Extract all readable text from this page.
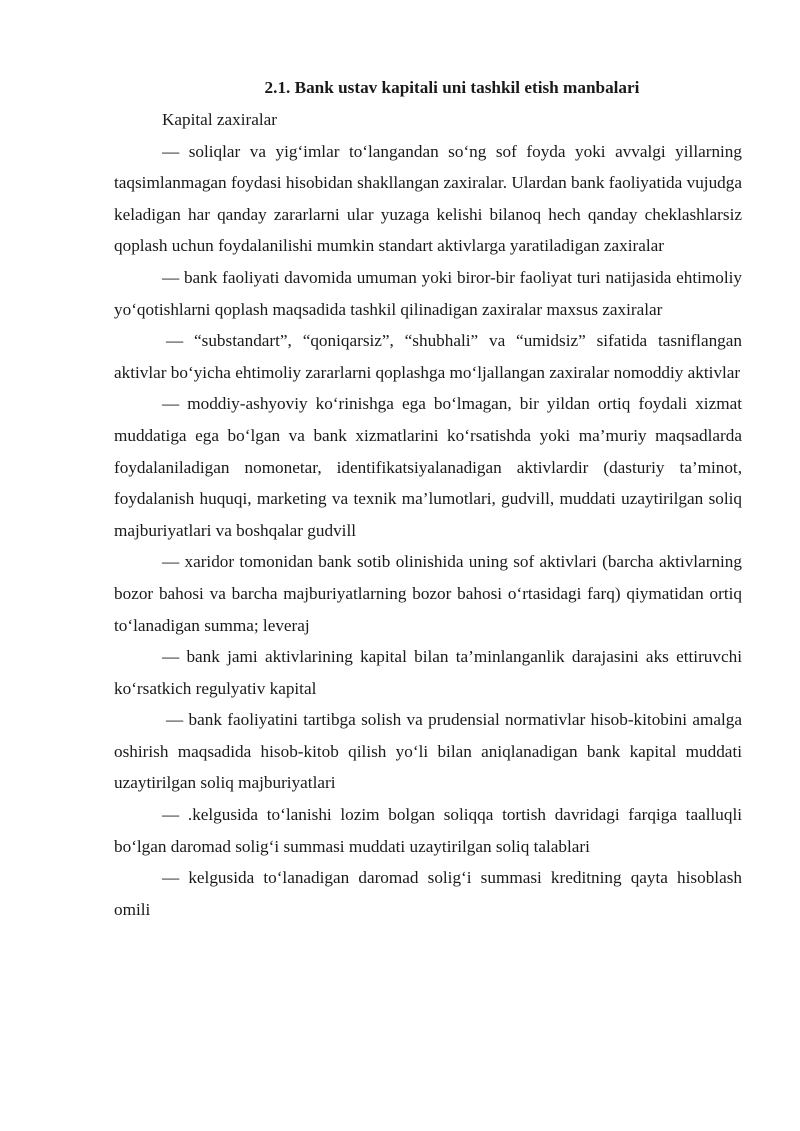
2.1. Bank ustav kapitali uni tashkil etish manbalari

Kapital zaxiralar

— soliqlar va yig‘imlar to‘langandan so‘ng sof foyda yoki avvalgi yillarning taqsimlanmagan foydasi hisobidan shakllangan zaxiralar. Ulardan bank faoliyatida vujudga keladigan har qanday zararlarni ular yuzaga kelishi bilanoq hech qanday cheklashlarsiz qoplash uchun foydalanilishi mumkin standart aktivlarga yaratiladigan zaxiralar

— bank faoliyati davomida umuman yoki biror-bir faoliyat turi natijasida ehtimoliy yo‘qotishlarni qoplash maqsadida tashkil qilinadigan zaxiralar maxsus zaxiralar

— “substandart”, “qoniqarsiz”, “shubhali” va “umidsiz” sifatida tasniflangan aktivlar bo‘yicha ehtimoliy zararlarni qoplashga mo‘ljallangan zaxiralar nomoddiy aktivlar

— moddiy-ashyoviy ko‘rinishga ega bo‘lmagan, bir yildan ortiq foydali xizmat muddatiga ega bo‘lgan va bank xizmatlarini ko‘rsatishda yoki ma’muriy maqsadlarda foydalaniladigan nomonetar, identifikatsiyalanadigan aktivlardir (dasturiy ta’minot, foydalanish huquqi, marketing va texnik ma’lumotlari, gudvill, muddati uzaytirilgan soliq majburiyatlari va boshqalar gudvill

— xaridor tomonidan bank sotib olinishida uning sof aktivlari (barcha aktivlarning bozor bahosi va barcha majburiyatlarning bozor bahosi o‘rtasidagi farq) qiymatidan ortiq to‘lanadigan summa; leveraj

— bank jami aktivlarining kapital bilan ta’minlanganlik darajasini aks ettiruvchi ko‘rsatkich regulyativ kapital

— bank faoliyatini tartibga solish va prudensial normativlar hisob-kitobini amalga oshirish maqsadida hisob-kitob qilish yo‘li bilan aniqlanadigan bank kapital muddati uzaytirilgan soliq majburiyatlari

— .kelgusida to‘lanishi lozim bolgan soliqqa tortish davridagi farqiga taalluqli bo‘lgan daromad solig‘i summasi muddati uzaytirilgan soliq talablari

— kelgusida to‘lanadigan daromad solig‘i summasi kreditning qayta hisoblash omili
